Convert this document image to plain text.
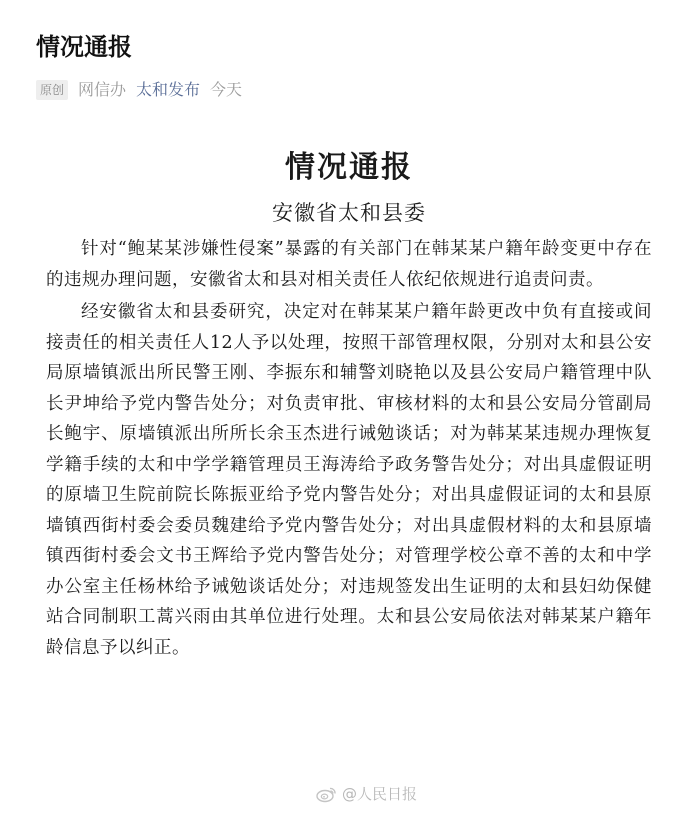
情况通报
原创 网信办 太和发布 今天
情况通报
安徽省太和县委

针对“鲍某某涉嫌性侵案”暴露的有关部门在韩某某户籍年龄变更中存在的违规办理问题，安徽省太和县对相关责任人依纪依规进行追责问责。

经安徽省太和县委研究，决定对在韩某某户籍年龄更改中负有直接或间接责任的相关责任人12人予以处理，按照干部管理权限，分别对太和县公安局原墙镇派出所民警王刚、李振东和辅警刘晓艳以及县公安局户籍管理中队长尹坤给予党内警告处分；对负责审批、审核材料的太和县公安局分管副局长鲍宇、原墙镇派出所所长余玉杰进行诫勉谈话；对为韩某某违规办理恢复学籍手续的太和中学学籍管理员王海涛给予政务警告处分；对出具虚假证明的原墙卫生院前院长陈振亚给予党内警告处分；对出具虚假证词的太和县原墙镇西街村委会委员魏建给予党内警告处分；对出具虚假材料的太和县原墙镇西街村委会文书王辉给予党内警告处分；对管理学校公章不善的太和中学办公室主任杨林给予诫勉谈话处分；对违规签发出生证明的太和县妇幼保健站合同制职工蒿兴雨由其单位进行处理。太和县公安局依法对韩某某户籍年龄信息予以纠正。

@人民日报
